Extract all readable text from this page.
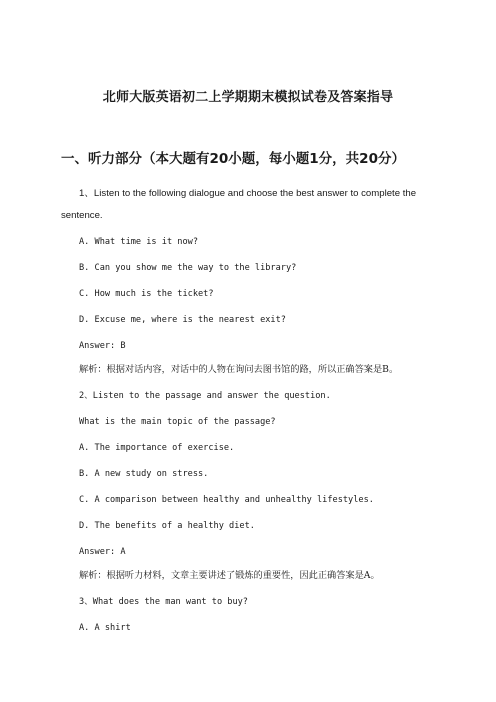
北师大版英语初二上学期期末模拟试卷及答案指导
一、听力部分（本大题有20小题，每小题1分，共20分）
1、Listen to the following dialogue and choose the best answer to complete the
sentence.
A. What time is it now?
B. Can you show me the way to the library?
C. How much is the ticket?
D. Excuse me, where is the nearest exit?
Answer: B
解析：根据对话内容，对话中的人物在询问去图书馆的路，所以正确答案是B。
2、Listen to the passage and answer the question.
What is the main topic of the passage?
A. The importance of exercise.
B. A new study on stress.
C. A comparison between healthy and unhealthy lifestyles.
D. The benefits of a healthy diet.
Answer: A
解析：根据听力材料，文章主要讲述了锻炼的重要性，因此正确答案是A。
3、What does the man want to buy?
A. A shirt
